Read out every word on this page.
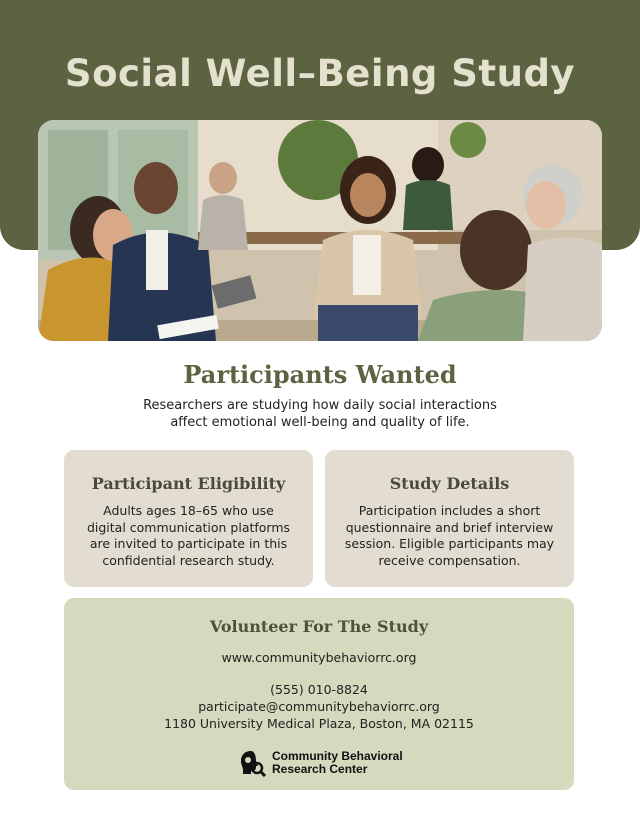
Social Well–Being Study
Participants Wanted
Researchers are studying how daily social interactions
affect emotional well-being and quality of life.
Participant Eligibility
Adults ages 18–65 who use
digital communication platforms
are invited to participate in this
confidential research study.
Study Details
Participation includes a short
questionnaire and brief interview
session. Eligible participants may
receive compensation.
Volunteer For The Study
www.communitybehaviorrc.org
(555) 010-8824
participate@communitybehaviorrc.org
1180 University Medical Plaza, Boston, MA 02115
Community Behavioral
Research Center
